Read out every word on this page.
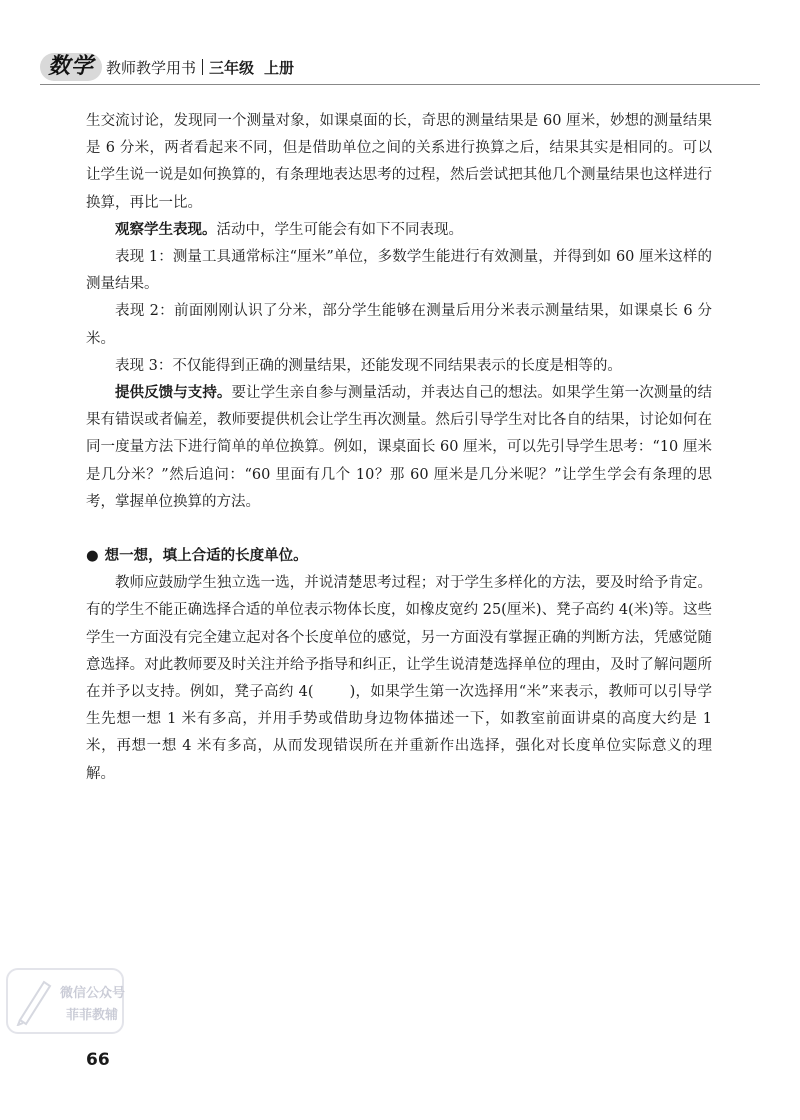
数学 教师教学用书 三年级 上册

生交流讨论，发现同一个测量对象，如课桌面的长，奇思的测量结果是 60 厘米，妙想的测量结果是 6 分米，两者看起来不同，但是借助单位之间的关系进行换算之后，结果其实是相同的。可以让学生说一说是如何换算的，有条理地表达思考的过程，然后尝试把其他几个测量结果也这样进行换算，再比一比。

观察学生表现。活动中，学生可能会有如下不同表现。

表现 1：测量工具通常标注“厘米”单位，多数学生能进行有效测量，并得到如 60 厘米这样的测量结果。

表现 2：前面刚刚认识了分米，部分学生能够在测量后用分米表示测量结果，如课桌长 6 分米。

表现 3：不仅能得到正确的测量结果，还能发现不同结果表示的长度是相等的。

提供反馈与支持。要让学生亲自参与测量活动，并表达自己的想法。如果学生第一次测量的结果有错误或者偏差，教师要提供机会让学生再次测量。然后引导学生对比各自的结果，讨论如何在同一度量方法下进行简单的单位换算。例如，课桌面长 60 厘米，可以先引导学生思考：“10 厘米是几分米？”然后追问：“60 里面有几个 10？那 60 厘米是几分米呢？”让学生学会有条理的思考，掌握单位换算的方法。

● 想一想，填上合适的长度单位。

教师应鼓励学生独立选一选，并说清楚思考过程；对于学生多样化的方法，要及时给予肯定。有的学生不能正确选择合适的单位表示物体长度，如橡皮宽约 25(厘米)、凳子高约 4(米)等。这些学生一方面没有完全建立起对各个长度单位的感觉，另一方面没有掌握正确的判断方法，凭感觉随意选择。对此教师要及时关注并给予指导和纠正，让学生说清楚选择单位的理由，及时了解问题所在并予以支持。例如，凳子高约 4( )，如果学生第一次选择用“米”来表示，教师可以引导学生先想一想 1 米有多高，并用手势或借助身边物体描述一下，如教室前面讲桌的高度大约是 1 米，再想一想 4 米有多高，从而发现错误所在并重新作出选择，强化对长度单位实际意义的理解。

微信公众号
菲菲教辅
66
